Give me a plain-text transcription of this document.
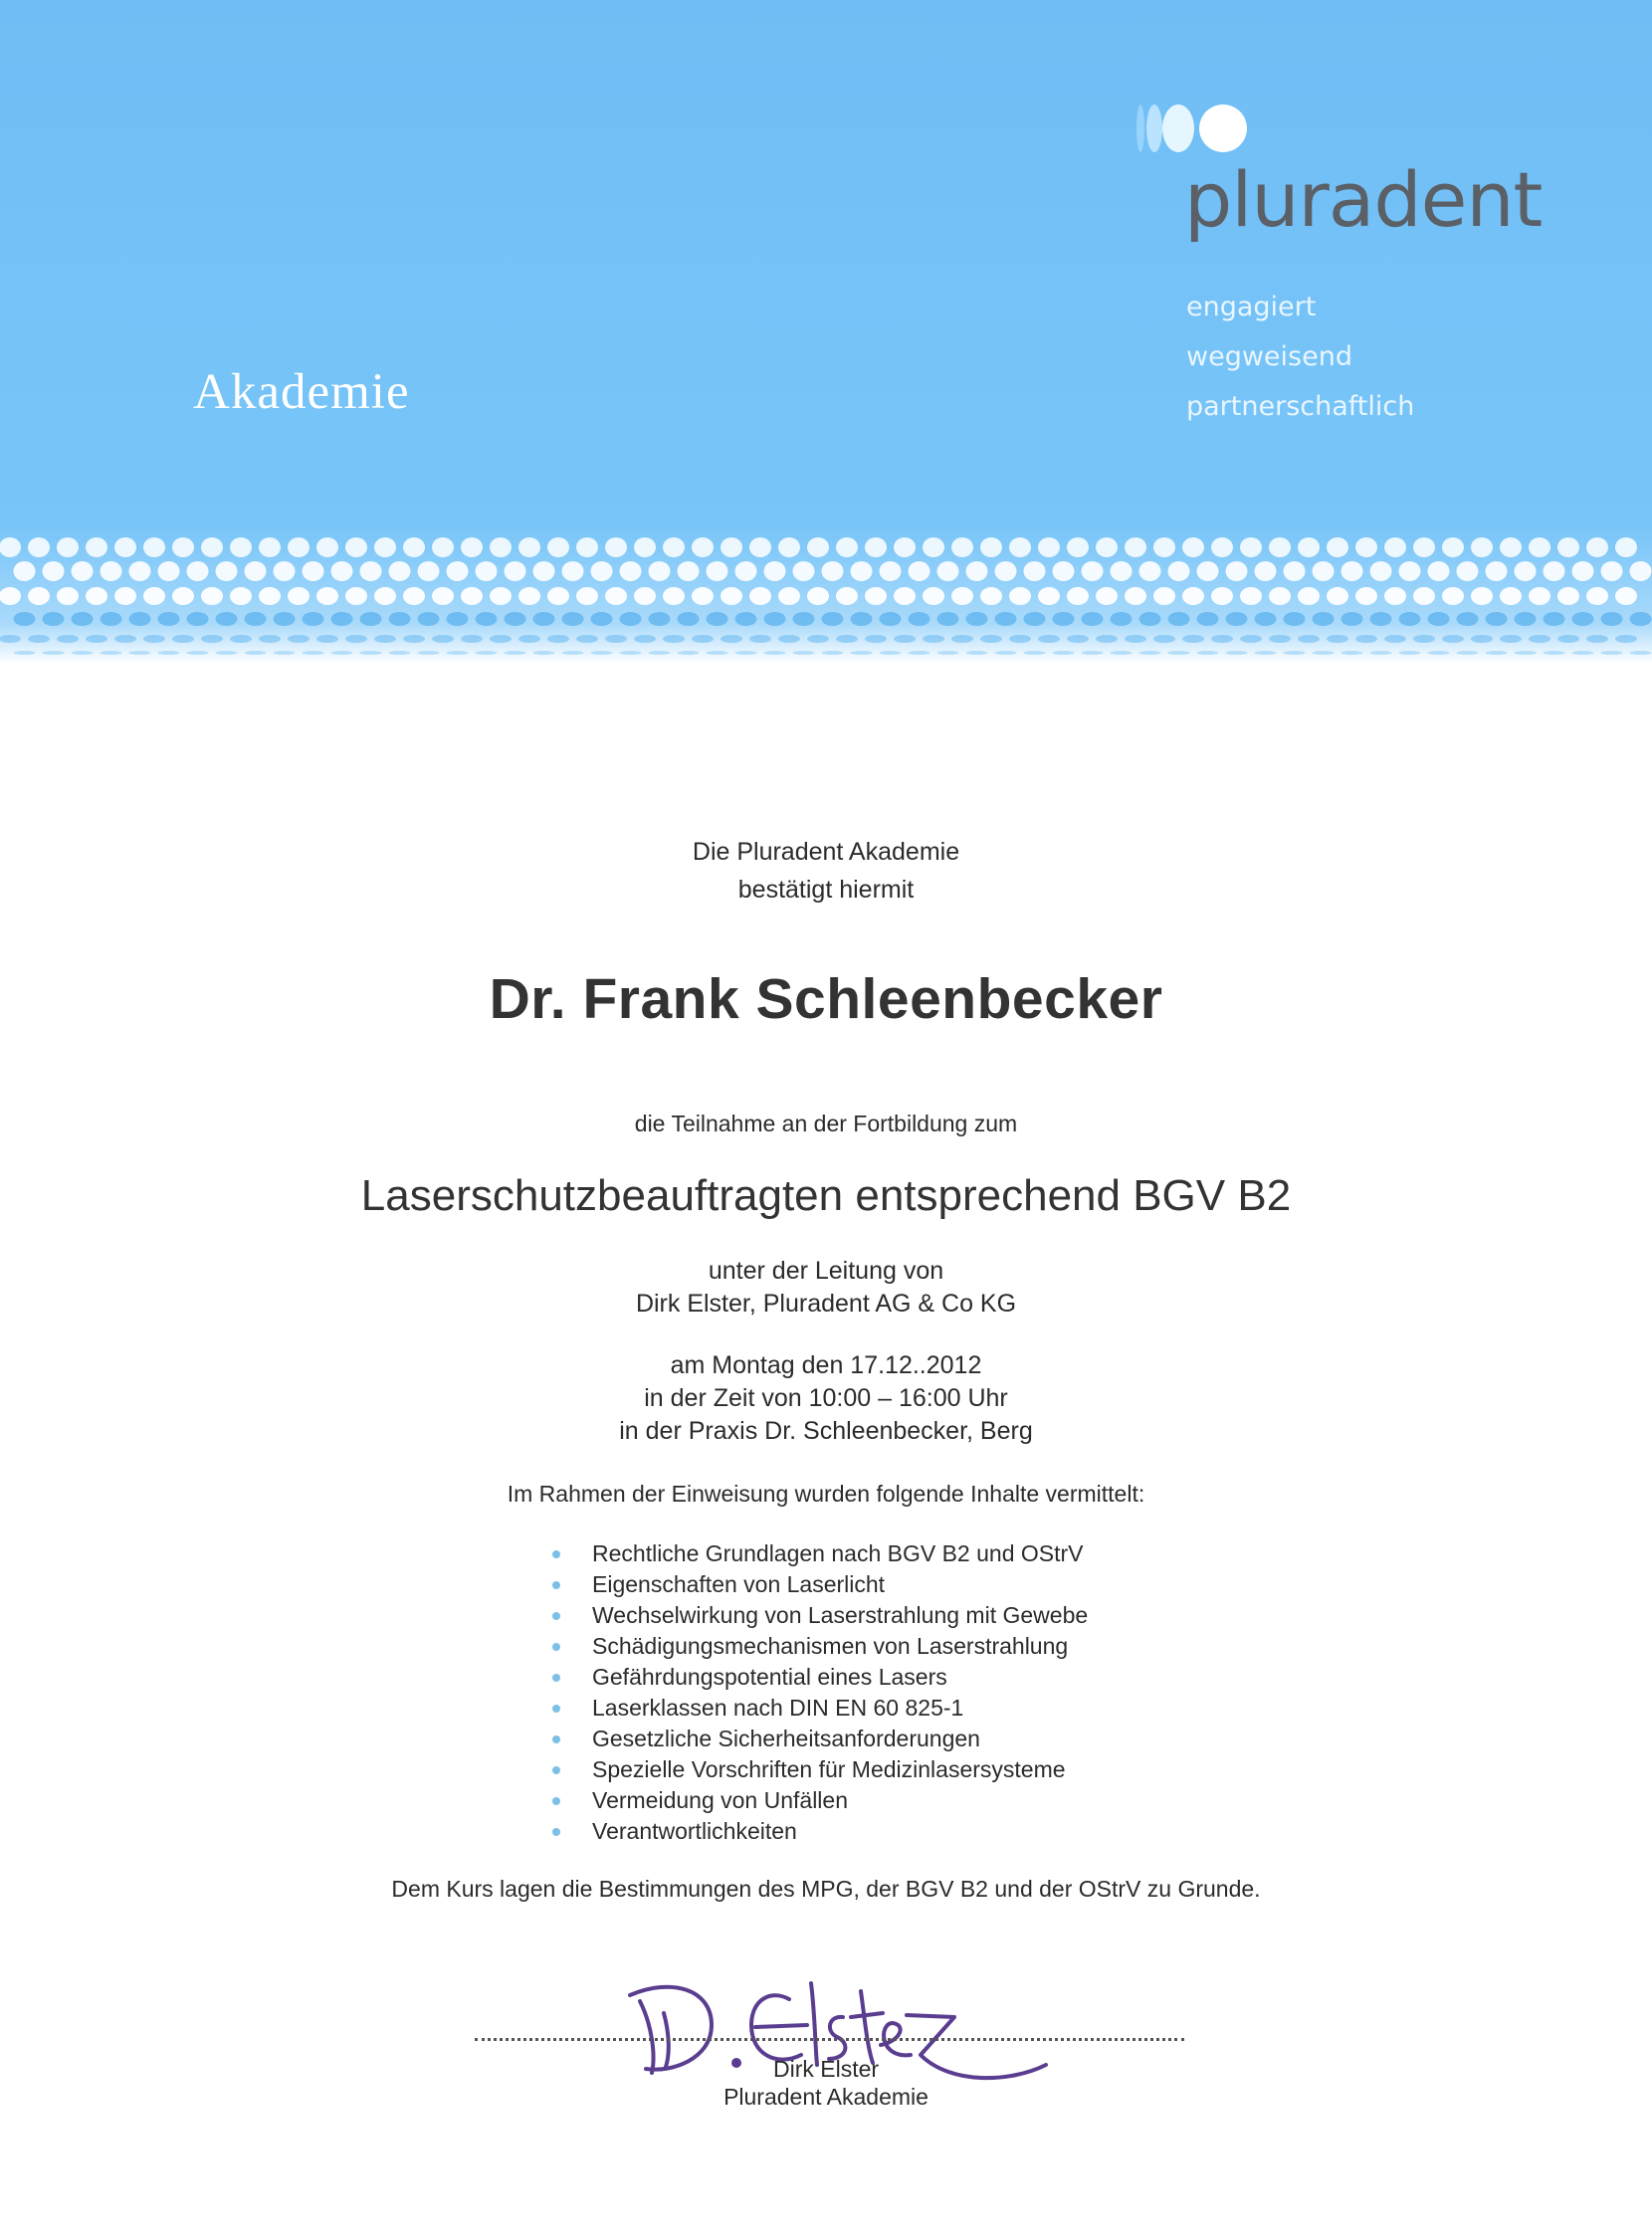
Akademie
pluradent
engagiert
wegweisend
partnerschaftlich
Die Pluradent Akademie
bestätigt hiermit
Dr. Frank Schleenbecker
die Teilnahme an der Fortbildung zum
Laserschutzbeauftragten entsprechend BGV B2
unter der Leitung von
Dirk Elster, Pluradent AG & Co KG
am Montag den 17.12..2012
in der Zeit von 10:00 – 16:00 Uhr
in der Praxis Dr. Schleenbecker, Berg
Im Rahmen der Einweisung wurden folgende Inhalte vermittelt:
Rechtliche Grundlagen nach BGV B2 und OStrV
Eigenschaften von Laserlicht
Wechselwirkung von Laserstrahlung mit Gewebe
Schädigungsmechanismen von Laserstrahlung
Gefährdungspotential eines Lasers
Laserklassen nach DIN EN 60 825-1
Gesetzliche Sicherheitsanforderungen
Spezielle Vorschriften für Medizinlasersysteme
Vermeidung von Unfällen
Verantwortlichkeiten
Dem Kurs lagen die Bestimmungen des MPG, der BGV B2 und der OStrV zu Grunde.
Dirk Elster
Pluradent Akademie
